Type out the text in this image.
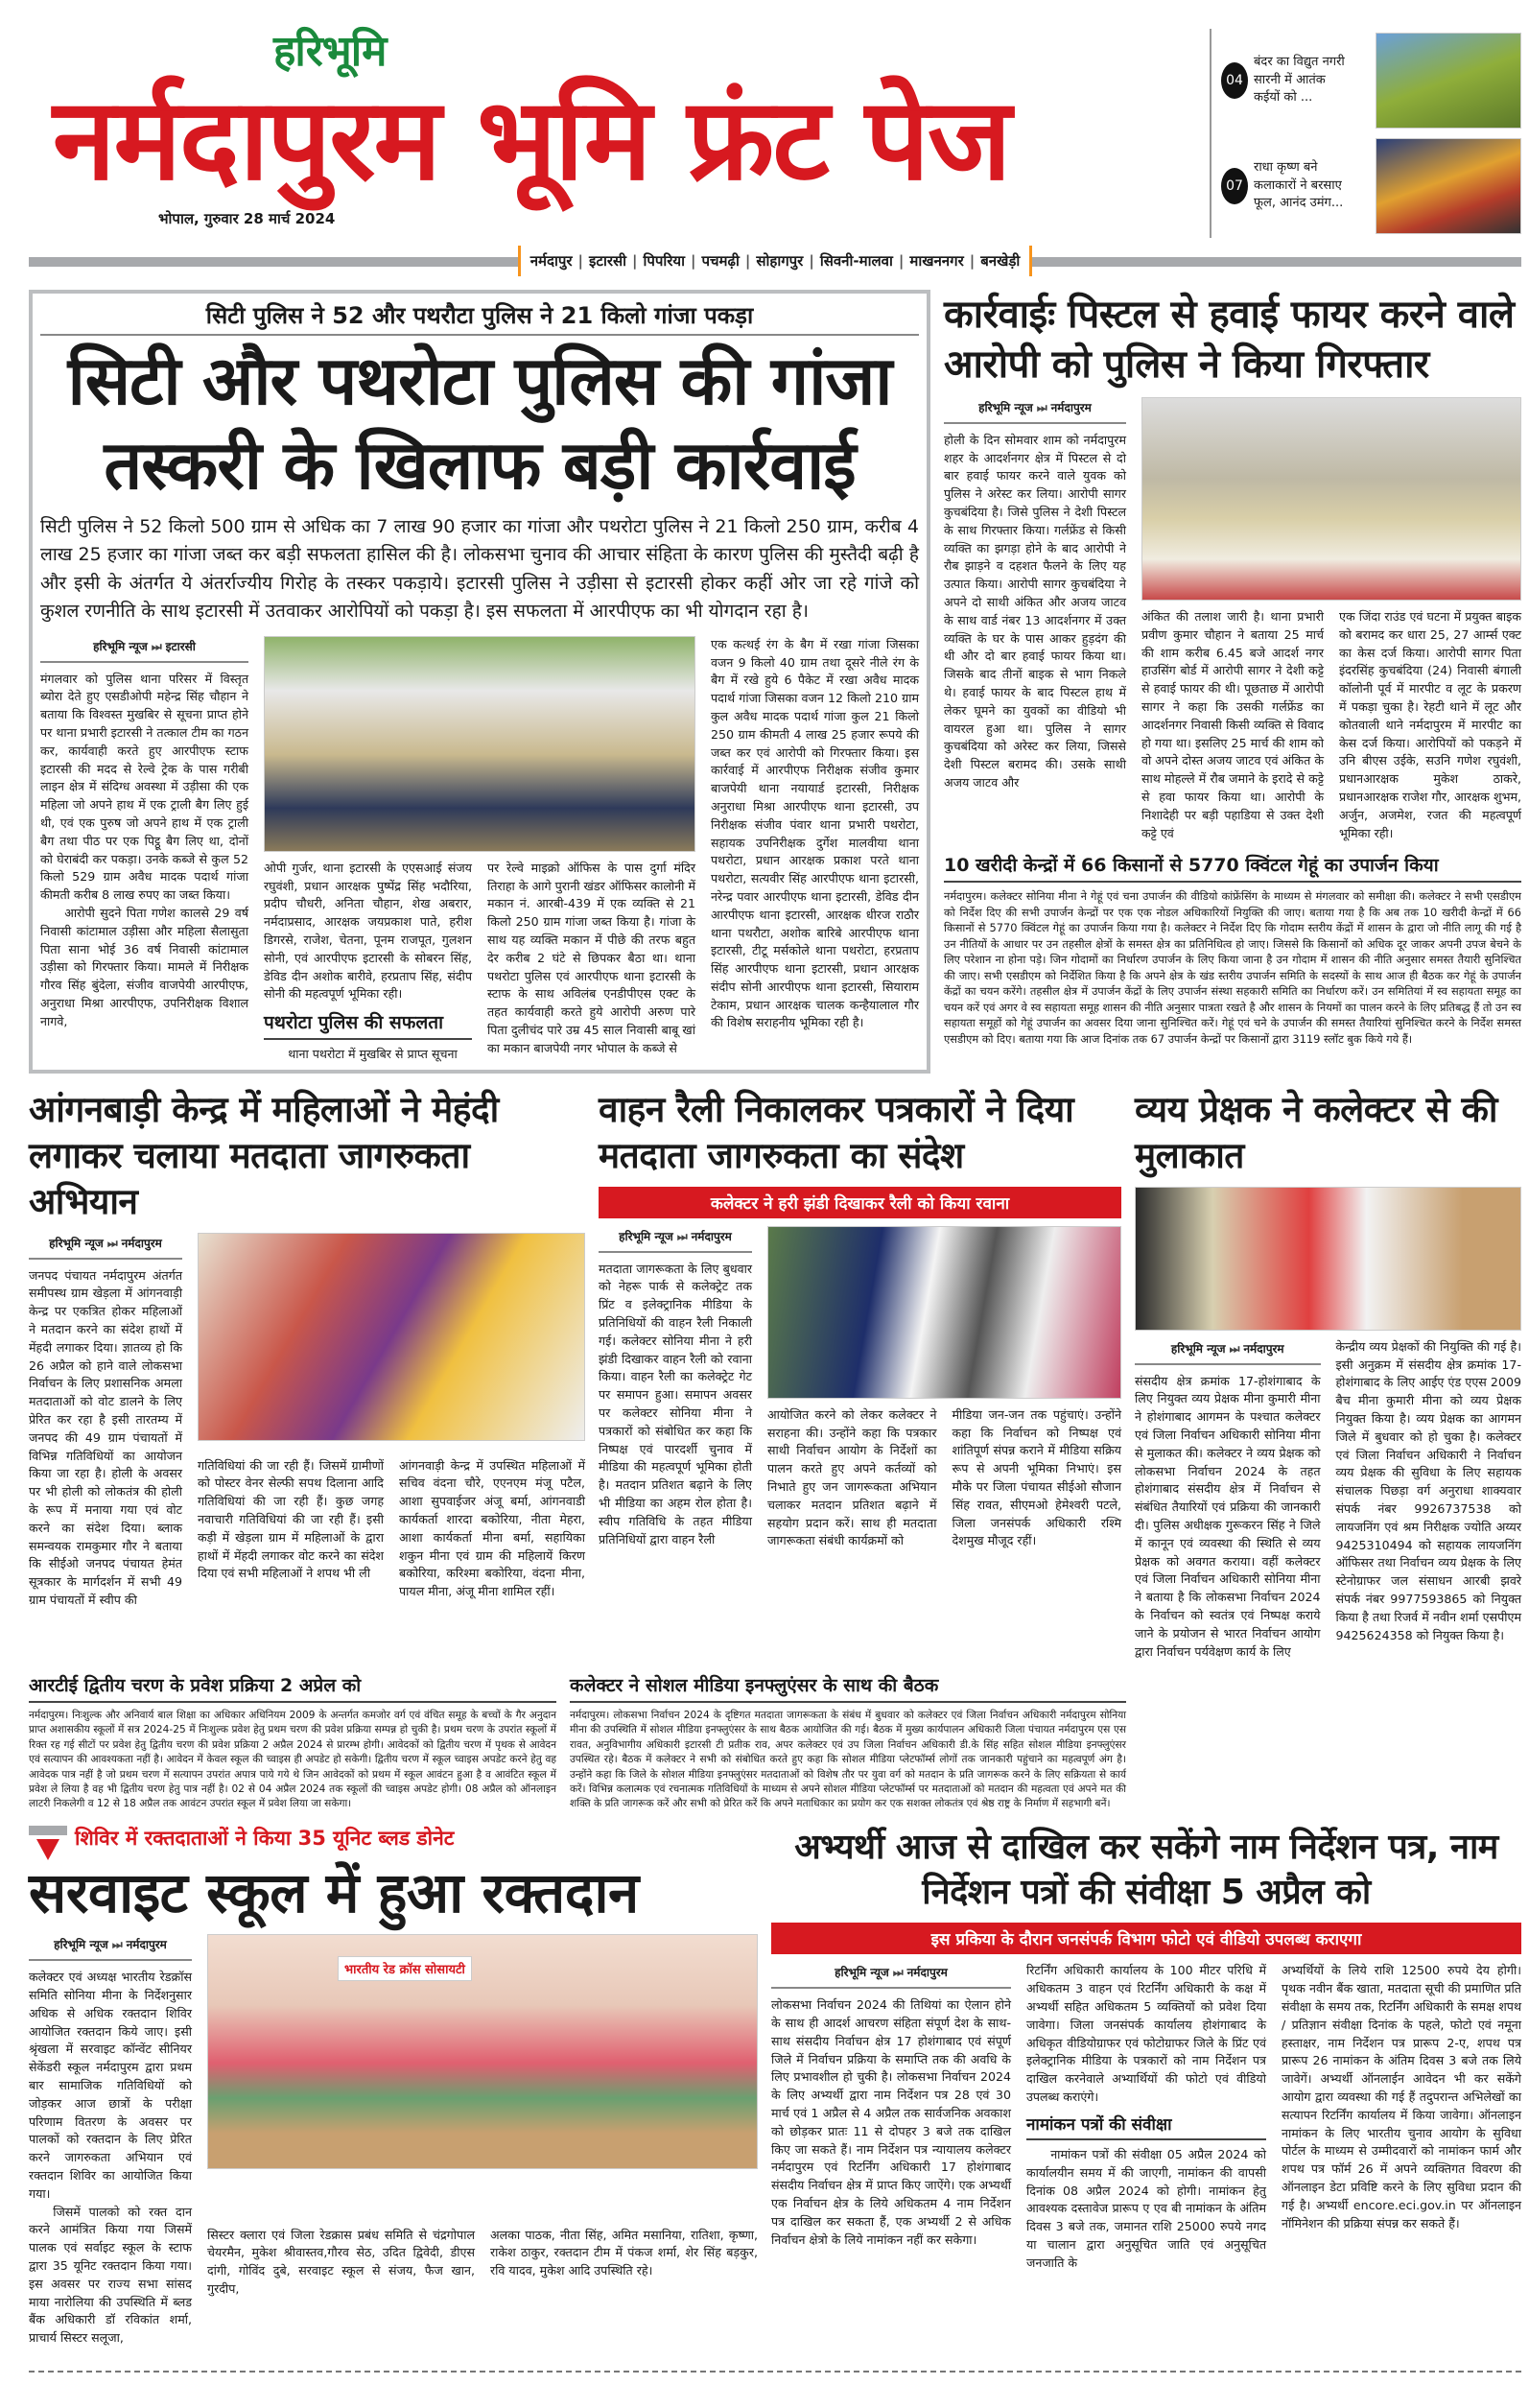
हरिभूमि
नर्मदापुरम भूमि फ्रंट पेज
भोपाल, गुरुवार 28 मार्च 2024
04
बंदर का विद्युत नगरी सारनी में आतंक कईयों को ...
07
राधा कृष्ण बने कलाकारों ने बरसाए फूल, आनंद उमंग...
नर्मदापुर | इटारसी | पिपरिया | पचमढ़ी | सोहागपुर | सिवनी-मालवा | माखननगर | बनखेड़ी
सिटी पुलिस ने 52 और पथरौटा पुलिस ने 21 किलो गांजा पकड़ा
सिटी और पथरोटा पुलिस की गांजा तस्करी के खिलाफ बड़ी कार्रवाई
सिटी पुलिस ने 52 किलो 500 ग्राम से अधिक का 7 लाख 90 हजार का गांजा और पथरोटा पुलिस ने 21 किलो 250 ग्राम, करीब 4 लाख 25 हजार का गांजा जब्त कर बड़ी सफलता हासिल की है। लोकसभा चुनाव की आचार संहिता के कारण पुलिस की मुस्तैदी बढ़ी है और इसी के अंतर्गत ये अंतर्राज्यीय गिरोह के तस्कर पकड़ाये। इटारसी पुलिस ने उड़ीसा से इटारसी होकर कहीं ओर जा रहे गांजे को कुशल रणनीति के साथ इटारसी में उतवाकर आरोपियों को पकड़ा है। इस सफलता में आरपीएफ का भी योगदान रहा है।
हरिभूमि न्यूज ⏭ इटारसी

मंगलवार को पुलिस थाना परिसर में विस्तृत ब्योरा देते हुए एसडीओपी महेन्द्र सिंह चौहान ने बताया कि विश्वस्त मुखबिर से सूचना प्राप्त होने पर थाना प्रभारी इटारसी ने तत्काल टीम का गठन कर, कार्यवाही करते हुए आरपीएफ स्टाफ इटारसी की मदद से रेल्वे ट्रेक के पास गरीबी लाइन क्षेत्र में संदिग्ध अवस्था में उड़ीसा की एक महिला जो अपने हाथ में एक ट्राली बैग लिए हुई थी, एवं एक पुरुष जो अपने हाथ में एक ट्राली बैग तथा पीठ पर एक पिट्ठू बैग लिए था, दोनों को घेराबंदी कर पकड़ा। उनके कब्जे से कुल 52 किलो 529 ग्राम अवैध मादक पदार्थ गांजा कीमती करीब 8 लाख रुपए का जब्त किया।

आरोपी सुदने पिता गणेश कालसे 29 वर्ष निवासी कांटामाल उड़ीसा और महिला सैलासुता पिता साना भोई 36 वर्ष निवासी कांटामाल उड़ीसा को गिरफ्तार किया। मामले में निरीक्षक गौरव सिंह बुंदेला, संजीव वाजपेयी आरपीएफ, अनुराधा मिश्रा आरपीएफ, उपनिरीक्षक विशाल नागवे,

ओपी गुर्जर, थाना इटारसी के एएसआई संजय रघुवंशी, प्रधान आरक्षक पुष्पेंद्र सिंह भदौरिया, प्रदीप चौधरी, अनिता चौहान, शेख अबरार, नर्मदाप्रसाद, आरक्षक जयप्रकाश पाते, हरीश डिगरसे, राजेश, चेतना, पूनम राजपूत, गुलशन सोनी, एवं आरपीएफ इटारसी के सोबरन सिंह, डेविड दीन अशोक बारीवे, हरप्रताप सिंह, संदीप सोनी की महत्वपूर्ण भूमिका रही।

पथरोटा पुलिस की सफलता

थाना पथरोटा में मुखबिर से प्राप्त सूचना

पर रेल्वे माइक्रो ऑफिस के पास दुर्गा मंदिर तिराहा के आगे पुरानी खंडर ऑफिसर कालोनी में मकान नं. आरबी-439 में एक व्यक्ति से 21 किलो 250 ग्राम गांजा जब्त किया है। गांजा के साथ यह व्यक्ति मकान में पीछे की तरफ बहुत देर करीब 2 घंटे से छिपकर बैठा था। थाना पथरोटा पुलिस एवं आरपीएफ थाना इटारसी के स्टाफ के साथ अविलंब एनडीपीएस एक्ट के तहत कार्यवाही करते हुये आरोपी अरुण पारे पिता दुलीचंद पारे उम्र 45 साल निवासी बाबू खां का मकान बाजपेयी नगर भोपाल के कब्जे से

एक कत्थई रंग के बैग में रखा गांजा जिसका वजन 9 किलो 40 ग्राम तथा दूसरे नीले रंग के बैग में रखे हुये 6 पैकेट में रखा अवैध मादक पदार्थ गांजा जिसका वजन 12 किलो 210 ग्राम कुल अवैध मादक पदार्थ गांजा कुल 21 किलो 250 ग्राम कीमती 4 लाख 25 हजार रूपये की जब्त कर एवं आरोपी को गिरफ्तार किया। इस कार्रवाई में आरपीएफ निरीक्षक संजीव कुमार बाजपेयी थाना नयायार्ड इटारसी, निरीक्षक अनुराधा मिश्रा आरपीएफ थाना इटारसी, उप निरीक्षक संजीव पंवार थाना प्रभारी पथरोटा, सहायक उपनिरीक्षक दुर्गेश मालवीया थाना पथरोटा, प्रधान आरक्षक प्रकाश परते थाना पथरोटा, सत्यवीर सिंह आरपीएफ थाना इटारसी, नरेन्द्र पवार आरपीएफ थाना इटारसी, डेविड दीन आरपीएफ थाना इटारसी, आरक्षक धीरज राठौर थाना पथरौटा, अशोक बारिबे आरपीएफ थाना इटारसी, टीटू मर्सकोले थाना पथरोटा, हरप्रताप सिंह आरपीएफ थाना इटारसी, प्रधान आरक्षक संदीप सोनी आरपीएफ थाना इटारसी, सियाराम टेकाम, प्रधान आरक्षक चालक कन्हैयालाल गौर की विशेष सराहनीय भूमिका रही है।

कार्रवाईः पिस्टल से हवाई फायर करने वाले आरोपी को पुलिस ने किया गिरफ्तार
हरिभूमि न्यूज ⏭ नर्मदापुरम

होली के दिन सोमवार शाम को नर्मदापुरम शहर के आदर्शनगर क्षेत्र में पिस्टल से दो बार हवाई फायर करने वाले युवक को पुलिस ने अरेस्ट कर लिया। आरोपी सागर कुचबंदिया है। जिसे पुलिस ने देशी पिस्टल के साथ गिरफ्तार किया। गर्लफ्रेंड से किसी व्यक्ति का झगड़ा होने के बाद आरोपी ने रौब झाड़ने व दहशत फैलने के लिए यह उत्पात किया। आरोपी सागर कुचबंदिया ने अपने दो साथी अंकित और अजय जाटव के साथ वार्ड नंबर 13 आदर्शनगर में उक्त व्यक्ति के घर के पास आकर हुड़दंग की थी और दो बार हवाई फायर किया था। जिसके बाद तीनों बाइक से भाग निकले थे। हवाई फायर के बाद पिस्टल हाथ में लेकर घूमने का युवकों का वीडियो भी वायरल हुआ था। पुलिस ने सागर कुचबंदिया को अरेस्ट कर लिया, जिससे देशी पिस्टल बरामद की। उसके साथी अजय जाटव और

अंकित की तलाश जारी है। थाना प्रभारी प्रवीण कुमार चौहान ने बताया 25 मार्च की शाम करीब 6.45 बजे आदर्श नगर हाउसिंग बोर्ड में आरोपी सागर ने देशी कट्टे से हवाई फायर की थी। पूछताछ में आरोपी सागर ने कहा कि उसकी गर्लफ्रेंड का आदर्शनगर निवासी किसी व्यक्ति से विवाद हो गया था। इसलिए 25 मार्च की शाम को वो अपने दोस्त अजय जाटव एवं अंकित के साथ मोहल्ले में रौब जमाने के इरादे से कट्टे से हवा फायर किया था। आरोपी के निशादेही पर बड़ी पहाडिया से उक्त देशी कट्टे एवं

एक जिंदा राउंड एवं घटना में प्रयुक्त बाइक को बरामद कर धारा 25, 27 आर्म्स एक्ट का केस दर्ज किया। आरोपी सागर पिता इंदरसिंह कुचबंदिया (24) निवासी बंगाली कॉलोनी पूर्व में मारपीट व लूट के प्रकरण में पकड़ा चुका है। रेहटी थाने में लूट और कोतवाली थाने नर्मदापुरम में मारपीट का केस दर्ज किया। आरोपियों को पकड़ने में उनि बीएस उईके, सउनि गणेश रघुवंशी, प्रधानआरक्षक मुकेश ठाकरे, प्रधानआरक्षक राजेश गौर, आरक्षक शुभम, अर्जुन, अजमेश, रजत की महत्वपूर्ण भूमिका रही।

10 खरीदी केन्द्रों में 66 किसानों से 5770 क्विंटल गेहूं का उपार्जन किया
नर्मदापुरम। कलेक्टर सोनिया मीना ने गेहूं एवं चना उपार्जन की वीडियो कांफ्रेंसिंग के माध्यम से मंगलवार को समीक्षा की। कलेक्टर ने सभी एसडीएम को निर्देश दिए की सभी उपार्जन केन्द्रों पर एक एक नोडल अधिकारियों नियुक्ति की जाए। बताया गया है कि अब तक 10 खरीदी केन्द्रों में 66 किसानों से 5770 क्विंटल गेहूं का उपार्जन किया गया है। कलेक्टर ने निर्देश दिए कि गोदाम स्तरीय केंद्रों में शासन के द्वारा जो नीति लागू की गई है उन नीतियों के आधार पर उन तहसील क्षेत्रों के समस्त क्षेत्र का प्रतिनिधित्व हो जाए। जिससे कि किसानों को अधिक दूर जाकर अपनी उपज बेचने के लिए परेशान ना होना पड़े। जिन गोदामों का निर्धारण उपार्जन के लिए किया जाना है उन गोदाम में शासन की नीति अनुसार समस्त तैयारी सुनिश्चित की जाए। सभी एसडीएम को निर्देशित किया है कि अपने क्षेत्र के खंड स्तरीय उपार्जन समिति के सदस्यों के साथ आज ही बैठक कर गेहूं के उपार्जन केंद्रों का चयन करेंगे। तहसील क्षेत्र में उपार्जन केंद्रों के लिए उपार्जन संस्था सहकारी समिति का निर्धारण करें। उन समितियां में स्व सहायता समूह का चयन करें एवं अगर वे स्व सहायता समूह शासन की नीति अनुसार पात्रता रखते है और शासन के नियमों का पालन करने के लिए प्रतिबद्ध हैं तो उन स्व सहायता समूहों को गेहूं उपार्जन का अवसर दिया जाना सुनिश्चित करें। गेहूं एवं चने के उपार्जन की समस्त तैयारियां सुनिश्चित करने के निर्देश समस्त एसडीएम को दिए। बताया गया कि आज दिनांक तक 67 उपार्जन केन्द्रों पर किसानों द्वारा 3119 स्लॉट बुक किये गये हैं।
आंगनबाड़ी केन्द्र में महिलाओं ने मेहंदी लगाकर चलाया मतदाता जागरुकता अभियान
हरिभूमि न्यूज ⏭ नर्मदापुरम

जनपद पंचायत नर्मदापुरम अंतर्गत समीपस्थ ग्राम खेड़ला में आंगनवाड़ी केन्द्र पर एकत्रित होकर महिलाओं ने मतदान करने का संदेश हाथों में मेंहदी लगाकर दिया। ज्ञातव्य हो कि 26 अप्रैल को हाने वाले लोकसभा निर्वाचन के लिए प्रशासनिक अमला मतदाताओं को वोट डालने के लिए प्रेरित कर रहा है इसी तारतम्य में जनपद की 49 ग्राम पंचायतों में विभिन्न गतिविधियों का आयोजन किया जा रहा है। होली के अवसर पर भी होली को लोकतंत्र की होली के रूप में मनाया गया एवं वोट करने का संदेश दिया। ब्लाक समन्वयक रामकुमार गौर ने बताया कि सीईओ जनपद पंचायत हेमंत सूत्रकार के मार्गदर्शन में सभी 49 ग्राम पंचायतों में स्वीप की

गतिविधियां की जा रही हैं। जिसमें ग्रामीणों को पोस्टर वेनर सेल्फी सपथ दिलाना आदि गतिविधियां की जा रही हैं। कुछ जगह नवाचारी गतिविधियां की जा रही हैं। इसी कड़ी में खेड़ला ग्राम में महिलाओं के द्वारा हाथों में मेंहदी लगाकर वोट करने का संदेश दिया एवं सभी महिलाओं ने शपथ भी ली

आंगनवाड़ी केन्द्र में उपस्थित महिलाओं में सचिव वंदना चौरे, एएनएम मंजू पटैल, आशा सुपवाईजर अंजू बर्मा, आंगनवाडी कार्यकर्ता शारदा बकोरिया, नीता मेहरा, आशा कार्यकर्ता मीना बर्मा, सहायिका शकुन मीना एवं ग्राम की महिलायें किरण बकोरिया, करिश्मा बकोरिया, वंदना मीना, पायल मीना, अंजू मीना शामिल रहीं।

वाहन रैली निकालकर पत्रकारों ने दिया मतदाता जागरुकता का संदेश
कलेक्टर ने हरी झंडी दिखाकर रैली को किया रवाना
हरिभूमि न्यूज ⏭ नर्मदापुरम

मतदाता जागरूकता के लिए बुधवार को नेहरू पार्क से कलेक्ट्रेट तक प्रिंट व इलेक्ट्रानिक मीडिया के प्रतिनिधियों की वाहन रैली निकाली गई। कलेक्टर सोनिया मीना ने हरी झंडी दिखाकर वाहन रैली को रवाना किया। वाहन रैली का कलेक्ट्रेट गेट पर समापन हुआ। समापन अवसर पर कलेक्टर सोनिया मीना ने पत्रकारों को संबोधित कर कहा कि निष्पक्ष एवं पारदर्शी चुनाव में मीडिया की महत्वपूर्ण भूमिका होती है। मतदान प्रतिशत बढ़ाने के लिए भी मीडिया का अहम रोल होता है। स्वीप गतिविधि के तहत मीडिया प्रतिनिधियों द्वारा वाहन रैली

आयोजित करने को लेकर कलेक्टर ने सराहना की। उन्होंने कहा कि पत्रकार साथी निर्वाचन आयोग के निर्देशों का पालन करते हुए अपने कर्तव्यों को निभाते हुए जन जागरूकता अभियान चलाकर मतदान प्रतिशत बढ़ाने में सहयोग प्रदान करें। साथ ही मतदाता जागरूकता संबंधी कार्यक्रमों को

मीडिया जन-जन तक पहुंचाएं। उन्होंने कहा कि निर्वाचन को निष्पक्ष एवं शांतिपूर्ण संपन्न कराने में मीडिया सक्रिय रूप से अपनी भूमिका निभाएं। इस मौके पर जिला पंचायत सीईओ सौजान सिंह रावत, सीएमओ हेमेश्वरी पटले, जिला जनसंपर्क अधिकारी रश्मि देशमुख मौजूद रहीं।

व्यय प्रेक्षक ने कलेक्टर से की मुलाकात
हरिभूमि न्यूज ⏭ नर्मदापुरम

संसदीय क्षेत्र क्रमांक 17-होशंगाबाद के लिए नियुक्त व्यय प्रेक्षक मीना कुमारी मीना ने होशंगाबाद आगमन के पश्चात कलेक्टर एवं जिला निर्वाचन अधिकारी सोनिया मीना से मुलाकत की। कलेक्टर ने व्यय प्रेक्षक को लोकसभा निर्वाचन 2024 के तहत होशंगाबाद संसदीय क्षेत्र में निर्वाचन से संबंधित तैयारियों एवं प्रक्रिया की जानकारी दी। पुलिस अधीक्षक गुरूकरन सिंह ने जिले में कानून एवं व्यवस्था की स्थिति से व्यय प्रेक्षक को अवगत कराया। वहीं कलेक्टर एवं जिला निर्वाचन अधिकारी सोनिया मीना ने बताया है कि लोकसभा निर्वाचन 2024 के निर्वाचन को स्वतंत्र एवं निष्पक्ष कराये जाने के प्रयोजन से भारत निर्वाचन आयोग द्वारा निर्वाचन पर्यवेक्षण कार्य के लिए

केन्द्रीय व्यय प्रेक्षकों की नियुक्ति की गई है। इसी अनुक्रम में संसदीय क्षेत्र क्रमांक 17-होशंगाबाद के लिए आईए एंड एएस 2009 बैच मीना कुमारी मीना को व्यय प्रेक्षक नियुक्त किया है। व्यय प्रेक्षक का आगमन जिले में बुधवार को हो चुका है। कलेक्टर एवं जिला निर्वाचन अधिकारी ने निर्वाचन व्यय प्रेक्षक की सुविधा के लिए सहायक संचालक पिछड़ा वर्ग अनुराधा शाक्यवार संपर्क नंबर 9926737538 को लायजनिंग एवं श्रम निरीक्षक ज्योति अय्यर 9425310494 को सहायक लायजनिंग ऑफिसर तथा निर्वाचन व्यय प्रेक्षक के लिए स्टेनोग्राफर जल संसाधन आरबी झवरे संपर्क नंबर 9977593865 को नियुक्त किया है तथा रिजर्व में नवीन शर्मा एसपीएम 9425624358 को नियुक्त किया है।

आरटीई द्वितीय चरण के प्रवेश प्रक्रिया 2 अप्रेल को
नर्मदापुरम। निःशुल्क और अनिवार्य बाल शिक्षा का अधिकार अधिनियम 2009 के अन्तर्गत कमजोर वर्ग एवं वंचित समूह के बच्चों के गैर अनुदान प्राप्त अशासकीय स्कूलों में सत्र 2024-25 में निःशुल्क प्रवेश हेतु प्रथम चरण की प्रवेश प्रक्रिया सम्पन्न हो चुकी है। प्रथम चरण के उपरांत स्कूलों में रिक्त रह गई सीटों पर प्रवेश हेतु द्वितीय चरण की प्रवेश प्रक्रिया 2 अप्रैल 2024 से प्रारम्भ होगी। आवेदकों को द्वितीय चरण में पृथक से आवेदन एवं सत्यापन की आवश्यकता नहीं है। आवेदन में केवल स्कूल की च्वाइस ही अपडेट हो सकेगी। द्वितीय चरण में स्कूल च्वाइस अपडेट करने हेतु वह आवेदक पात्र नहीं है जो प्रथम चरण में सत्यापन उपरांत अपात्र पाये गये थे जिन आवेदकों को प्रथम में स्कूल आवंटन हुआ है व आवंटित स्कूल में प्रवेश ले लिया है वह भी द्वितीय चरण हेतु पात्र नहीं है। 02 से 04 अप्रैल 2024 तक स्कूलों की च्वाइस अपडेट होगी। 08 अप्रैल को ऑनलाइन लाटरी निकलेगी व 12 से 18 अप्रैल तक आवंटन उपरांत स्कूल में प्रवेश लिया जा सकेगा।
कलेक्टर ने सोशल मीडिया इनफ्लुएंसर के साथ की बैठक
नर्मदापुरम। लोकसभा निर्वाचन 2024 के दृष्टिगत मतदाता जागरूकता के संबंध में बुधवार को कलेक्टर एवं जिला निर्वाचन अधिकारी नर्मदापुरम सोनिया मीना की उपस्थिति में सोशल मीडिया इनफ्लुएंसर के साथ बैठक आयोजित की गई। बैठक में मुख्य कार्यपालन अधिकारी जिला पंचायत नर्मदापुरम एस एस रावत, अनुविभागीय अधिकारी इटारसी टी प्रतीक राव, अपर कलेक्टर एवं उप जिला निर्वाचन अधिकारी डी.के सिंह सहित सोशल मीडिया इनफ्लुएंसर उपस्थित रहे। बैठक में कलेक्टर ने सभी को संबोधित करते हुए कहा कि सोशल मीडिया प्लेटफॉर्म्स लोगों तक जानकारी पहुंचाने का महत्वपूर्ण अंग है। उन्होंने कहा कि जिले के सोशल मीडिया इनफ्लुएंसर मतदाताओं को विशेष तौर पर युवा वर्ग को मतदान के प्रति जागरूक करने के लिए सक्रियता से कार्य करें। विभिन्न कलात्मक एवं रचनात्मक गतिविधियों के माध्यम से अपने सोशल मीडिया प्लेटफॉर्म्स पर मतदाताओं को मतदान की महत्वता एवं अपने मत की शक्ति के प्रति जागरूक करें और सभी को प्रेरित करें कि अपने मताधिकार का प्रयोग कर एक सशक्त लोकतंत्र एवं श्रेष्ठ राष्ट्र के निर्माण में सहभागी बनें।
शिविर में रक्तदाताओं ने किया 35 यूनिट ब्लड डोनेट
सरवाइट स्कूल में हुआ रक्तदान
हरिभूमि न्यूज ⏭ नर्मदापुरम

कलेक्टर एवं अध्यक्ष भारतीय रेडक्रॉस समिति सोनिया मीना के निर्देशनुसार अधिक से अधिक रक्तदान शिविर आयोजित रक्तदान किये जाए। इसी श्रृंखला में सरवाइट कॉन्वेंट सीनियर सेकेंडरी स्कूल नर्मदापुरम द्वारा प्रथम बार सामाजिक गतिविधियों को जोड़कर आज छात्रों के परीक्षा परिणाम वितरण के अवसर पर पालकों को रक्तदान के लिए प्रेरित करने जागरुकता अभियान एवं रक्तदान शिविर का आयोजित किया गया।

जिसमें पालको को रक्त दान करने आमंत्रित किया गया जिसमें पालक एवं सर्वाइट स्कूल के स्टाफ द्वारा 35 यूनिट रक्तदान किया गया। इस अवसर पर राज्य सभा सांसद माया नारोलिया की उपस्थिति में ब्लड बैंक अधिकारी डॉ रविकांत शर्मा, प्राचार्य सिस्टर सलूजा,

भारतीय रेड क्रॉस सोसायटी

सिस्टर क्लारा एवं जिला रेडक्रास प्रबंध समिति से चंद्रगोपाल चेयरमैन, मुकेश श्रीवास्तव,गौरव सेठ, उदित द्विवेदी, डीएस दांगी, गोविंद दुबे, सरवाइट स्कूल से संजय, फैज खान, गुरदीप,

अलका पाठक, नीता सिंह, अमित मसानिया, रातिशा, कृष्णा, राकेश ठाकुर, रक्तदान टीम में पंकज शर्मा, शेर सिंह बड़कुर, रवि यादव, मुकेश आदि उपस्थिति रहे।

अभ्यर्थी आज से दाखिल कर सकेंगे नाम निर्देशन पत्र, नाम निर्देशन पत्रों की संवीक्षा 5 अप्रैल को
इस प्रकिया के दौरान जनसंपर्क विभाग फोटो एवं वीडियो उपलब्ध कराएगा
हरिभूमि न्यूज ⏭ नर्मदापुरम

लोकसभा निर्वाचन 2024 की तिथियां का ऐलान होने के साथ ही आदर्श आचरण संहिता संपूर्ण देश के साथ-साथ संसदीय निर्वाचन क्षेत्र 17 होशंगाबाद एवं संपूर्ण जिले में निर्वाचन प्रक्रिया के समाप्ति तक की अवधि के लिए प्रभावशील हो चुकी है। लोकसभा निर्वाचन 2024 के लिए अभ्यर्थी द्वारा नाम निर्देशन पत्र 28 एवं 30 मार्च एवं 1 अप्रैल से 4 अप्रैल तक सार्वजनिक अवकाश को छोड़कर प्रातः 11 से दोपहर 3 बजे तक दाखिल किए जा सकते हैं। नाम निर्देशन पत्र न्यायालय कलेक्टर नर्मदापुरम एवं रिटर्निंग अधिकारी 17 होशंगाबाद संसदीय निर्वाचन क्षेत्र में प्राप्त किए जाऐंगे। एक अभ्यर्थी एक निर्वाचन क्षेत्र के लिये अधिकतम 4 नाम निर्देशन पत्र दाखिल कर सकता हैं, एक अभ्यर्थी 2 से अधिक निर्वाचन क्षेत्रो के लिये नामांकन नहीं कर सकेगा।

रिटर्निंग अधिकारी कार्यालय के 100 मीटर परिधि में अधिकतम 3 वाहन एवं रिटर्निंग अधिकारी के कक्ष में अभ्यर्थी सहित अधिकतम 5 व्यक्तियों को प्रवेश दिया जावेगा। जिला जनसंपर्क कार्यालय होशंगाबाद के अधिकृत वीडियोग्राफर एवं फोटोग्राफर जिले के प्रिंट एवं इलेक्ट्रानिक मीडिया के पत्रकारों को नाम निर्देशन पत्र दाखिल करनेवाले अभ्यार्थियों की फोटो एवं वीडियो उपलब्ध कराएंगे।

नामांकन पत्रों की संवीक्षा

नामांकन पत्रों की संवीक्षा 05 अप्रैल 2024 को कार्यालयीन समय में की जाएगी, नामांकन की वापसी दिनांक 08 अप्रैल 2024 को होगी। नामांकन हेतु आवश्यक दस्तावेज प्रारूप ए एव बी नामांकन के अंतिम दिवस 3 बजे तक, जमानत राशि 25000 रुपये नगद या चालान द्वारा अनुसूचित जाति एवं अनुसूचित जनजाति के

अभ्यर्थियों के लिये राशि 12500 रुपये देय होगी। पृथक नवीन बैंक खाता, मतदाता सूची की प्रमाणित प्रति संवीक्षा के समय तक, रिटर्निंग अधिकारी के समक्ष शपथ / प्रतिज्ञान संवीक्षा दिनांक के पहले, फोटो एवं नमूना हस्ताक्षर, नाम निर्देशन पत्र प्रारूप 2-ए, शपथ पत्र प्रारूप 26 नामांकन के अंतिम दिवस 3 बजे तक लिये जावेगें। अभ्यर्थी ऑनलाईन आवेदन भी कर सकेंगे आयोग द्वारा व्यवस्था की गई हैं तदुपरान्त अभिलेखों का सत्यापन रिटर्निंग कार्यालय में किया जावेगा। ऑनलाइन नामांकन के लिए भारतीय चुनाव आयोग के सुविधा पोर्टल के माध्यम से उम्मीदवारों को नामांकन फार्म और शपथ पत्र फॉर्म 26 में अपने व्यक्तिगत विवरण की ऑनलाइन डेटा प्रविष्टि करने के लिए सुविधा प्रदान की गई है। अभ्यर्थी encore.eci.gov.in पर ऑनलाइन नॉमिनेशन की प्रक्रिया संपन्न कर सकते हैं।
